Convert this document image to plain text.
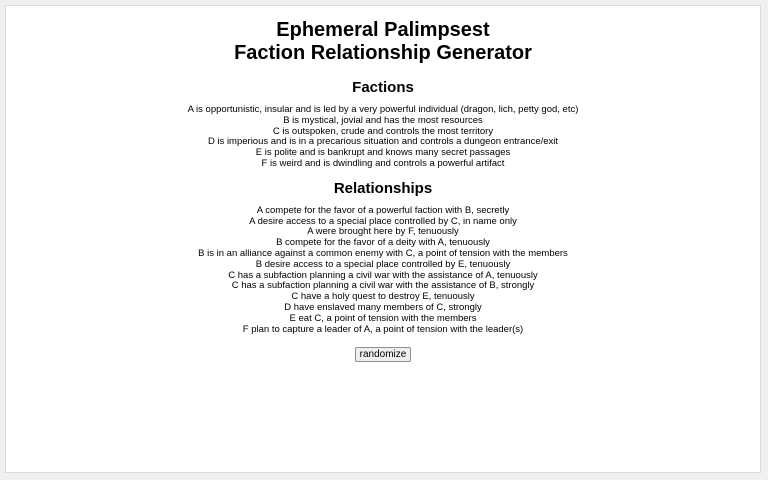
Ephemeral Palimpsest
Faction Relationship Generator
Factions
A is opportunistic, insular and is led by a very powerful individual (dragon, lich, petty god, etc)
B is mystical, jovial and has the most resources
C is outspoken, crude and controls the most territory
D is imperious and is in a precarious situation and controls a dungeon entrance/exit
E is polite and is bankrupt and knows many secret passages
F is weird and is dwindling and controls a powerful artifact
Relationships
A compete for the favor of a powerful faction with B, secretly
A desire access to a special place controlled by C, in name only
A were brought here by F, tenuously
B compete for the favor of a deity with A, tenuously
B is in an alliance against a common enemy with C, a point of tension with the members
B desire access to a special place controlled by E, tenuously
C has a subfaction planning a civil war with the assistance of A, tenuously
C has a subfaction planning a civil war with the assistance of B, strongly
C have a holy quest to destroy E, tenuously
D have enslaved many members of C, strongly
E eat C, a point of tension with the members
F plan to capture a leader of A, a point of tension with the leader(s)
randomize
